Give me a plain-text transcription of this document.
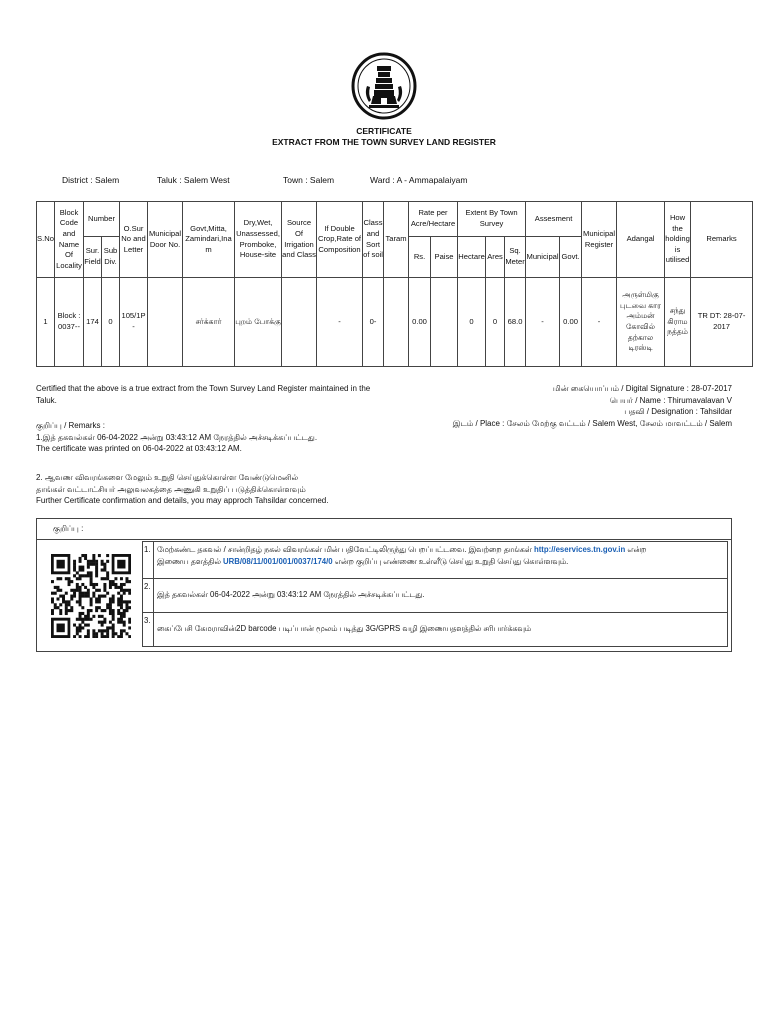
CERTIFICATE
EXTRACT FROM THE TOWN SURVEY LAND REGISTER
District : Salem	Taluk : Salem West	Town : Salem	Ward : A - Ammapalaiyam
S.No	Block Code and Name Of Locality	Number		O.Sur No and Letter	Municipal Door No.	Govt,Mitta, Zamindari,Inam	Dry,Wet, Unassessed, Promboke, House-site	Source Of Irrigation and Class	If Double Crop,Rate of Composition	Class and Sort of soil	Taram	Rate per Acre/Hectare		Extent By Town Survey			Assesment		Municipal Register	Adangal	How the holding is utilised	Remarks
		Sur. Field	Sub Div.									Rs.	Paise	Hectare	Ares	Sq. Meter	Municipal	Govt.				
1	Block : 0037--	174	0	105/1P -		சர்க்கார்	புறம் போக்கு		-	0-		0.00		0	0	68.0	-	0.00	-	அருள்மிகு புடவை கார அம்மன் கோவில் தற்கால டிரஸ்டி	சந்து கிராம நத்தம்	TR DT: 28-07-2017
Certified that the above is a true extract from the Town Survey Land Register maintained in the Taluk.
மின் கையொப்பம் / Digital Signature : 28-07-2017
பெயர் / Name : Thirumavalavan V
பதவி / Designation : Tahsildar
இடம் / Place : சேலம் மேற்கு வட்டம் / Salem West, சேலம் மாவட்டம் / Salem
குறிப்பு / Remarks :
1.இத் தகவல்கள் 06-04-2022 அன்று 03:43:12 AM நேரத்தில் அச்சடிக்கப்பட்டது.
The certificate was printed on 06-04-2022 at 03:43:12 AM.
2. ஆவண விவரங்களை மேலும் உறுதி செய்துக்கொள்ள வேண்டுமெனில்
தாங்கள் வட்டாட்சியர் அலுவலகத்தை அணுகி உறுதிப் படுத்திக்கொள்ளவும்
Further Certificate confirmation and details, you may approch Tahsildar concerned.
குறிப்பு :
1.	மேற்கண்ட தகவல் / சான்றிதழ் நகல் விவரங்கள் மின் பதிவேட்டிலிருந்து பெறப்பட்டவை. இவற்றை தாங்கள் http://eservices.tn.gov.in என்ற
இணைய தளத்தில் URB/08/11/001/001/0037/174/0 என்ற குறிப்பு எண்ணை உள்ளீடு செய்து உறுதி செய்து கொள்ளவும்.
2.	இத் தகவல்கள் 06-04-2022 அன்று 03:43:12 AM நேரத்தில் அச்சடிக்கப்பட்டது.
3.	கைப்பேசி கேமராவின்2D barcode படிப்பான் மூலம் படித்து 3G/GPRS வழி இணையதளத்தில் சரிபார்க்கவும்
